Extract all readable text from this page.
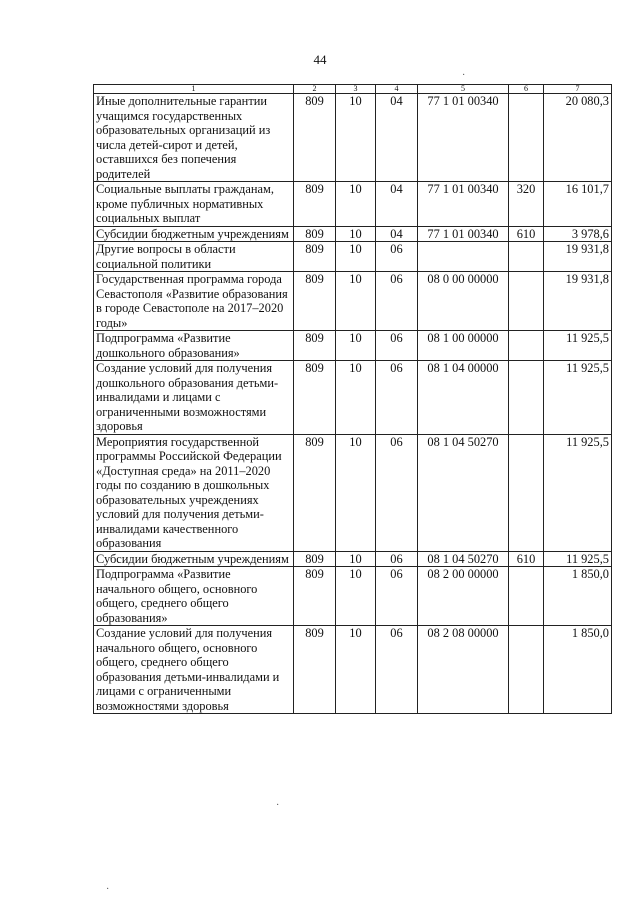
44
1	2	3	4	5	6	7
Иные дополнительные гарантии учащимся государственных образовательных организаций из числа детей-сирот и детей, оставшихся без попечения родителей	809	10	04	77 1 01 00340		20 080,3
Социальные выплаты гражданам, кроме публичных нормативных социальных выплат	809	10	04	77 1 01 00340	320	16 101,7
Субсидии бюджетным учреждениям	809	10	04	77 1 01 00340	610	3 978,6
Другие вопросы в области социальной политики	809	10	06			19 931,8
Государственная программа города Севастополя «Развитие образования в городе Севастополе на 2017–2020 годы»	809	10	06	08 0 00 00000		19 931,8
Подпрограмма «Развитие дошкольного образования»	809	10	06	08 1 00 00000		11 925,5
Создание условий для получения дошкольного образования детьми-инвалидами и лицами с ограниченными возможностями здоровья	809	10	06	08 1 04 00000		11 925,5
Мероприятия государственной программы Российской Федерации «Доступная среда» на 2011–2020 годы по созданию в дошкольных образовательных учреждениях условий для получения детьми-инвалидами качественного образования	809	10	06	08 1 04 50270		11 925,5
Субсидии бюджетным учреждениям	809	10	06	08 1 04 50270	610	11 925,5
Подпрограмма «Развитие начального общего, основного общего, среднего общего образования»	809	10	06	08 2 00 00000		1 850,0
Создание условий для получения начального общего, основного общего, среднего общего образования детьми-инвалидами и лицами с ограниченными возможностями здоровья	809	10	06	08 2 08 00000		1 850,0
·
·
·
